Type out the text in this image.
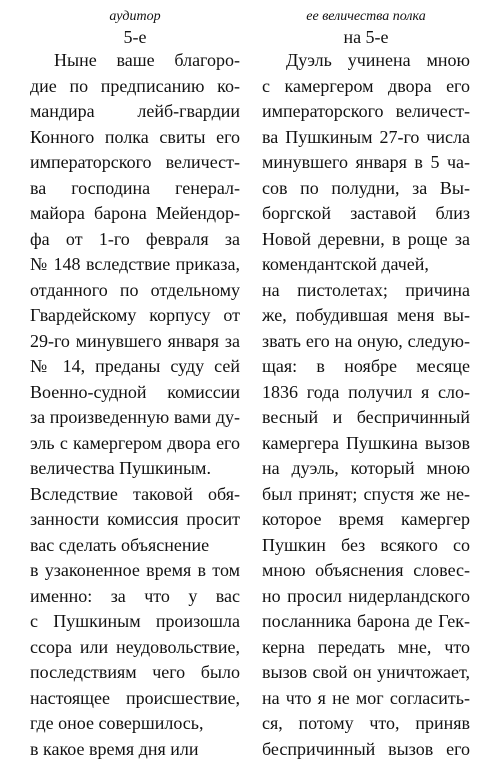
аудитор
5-е
Ныне ваше благоро-
дие по предписанию ко-
мандира лейб-гвардии
Конного полка свиты его
императорского величест-
ва господина генерал-
майора барона Мейендор-
фа от 1-го февраля за
№ 148 вследствие приказа,
отданного по отдельному
Гвардейскому корпусу от
29-го минувшего января за
№ 14, преданы суду сей
Военно-судной комиссии
за произведенную вами ду-
эль с камергером двора его
величества Пушкиным.
Вследствие таковой обя-
занности комиссия просит
вас сделать объяснение
в узаконенное время в том
именно: за что у вас
с Пушкиным произошла
ссора или неудовольствие,
последствиям чего было
настоящее происшествие,
где оное совершилось,
в какое время дня или
ее величества полка
на 5-е
Дуэль учинена мною
с камергером двора его
императорского величест-
ва Пушкиным 27-го числа
минувшего января в 5 ча-
сов по полудни, за Вы-
боргской заставой близ
Новой деревни, в роще за
комендантской дачей,
на пистолетах; причина
же, побудившая меня вы-
звать его на оную, следую-
щая: в ноябре месяце
1836 года получил я сло-
весный и беспричинный
камергера Пушкина вызов
на дуэль, который мною
был принят; спустя же не-
которое время камергер
Пушкин без всякого со
мною объяснения словес-
но просил нидерландского
посланника барона де Гек-
керна передать мне, что
вызов свой он уничтожает,
на что я не мог согласить-
ся, потому что, приняв
беспричинный вызов его
